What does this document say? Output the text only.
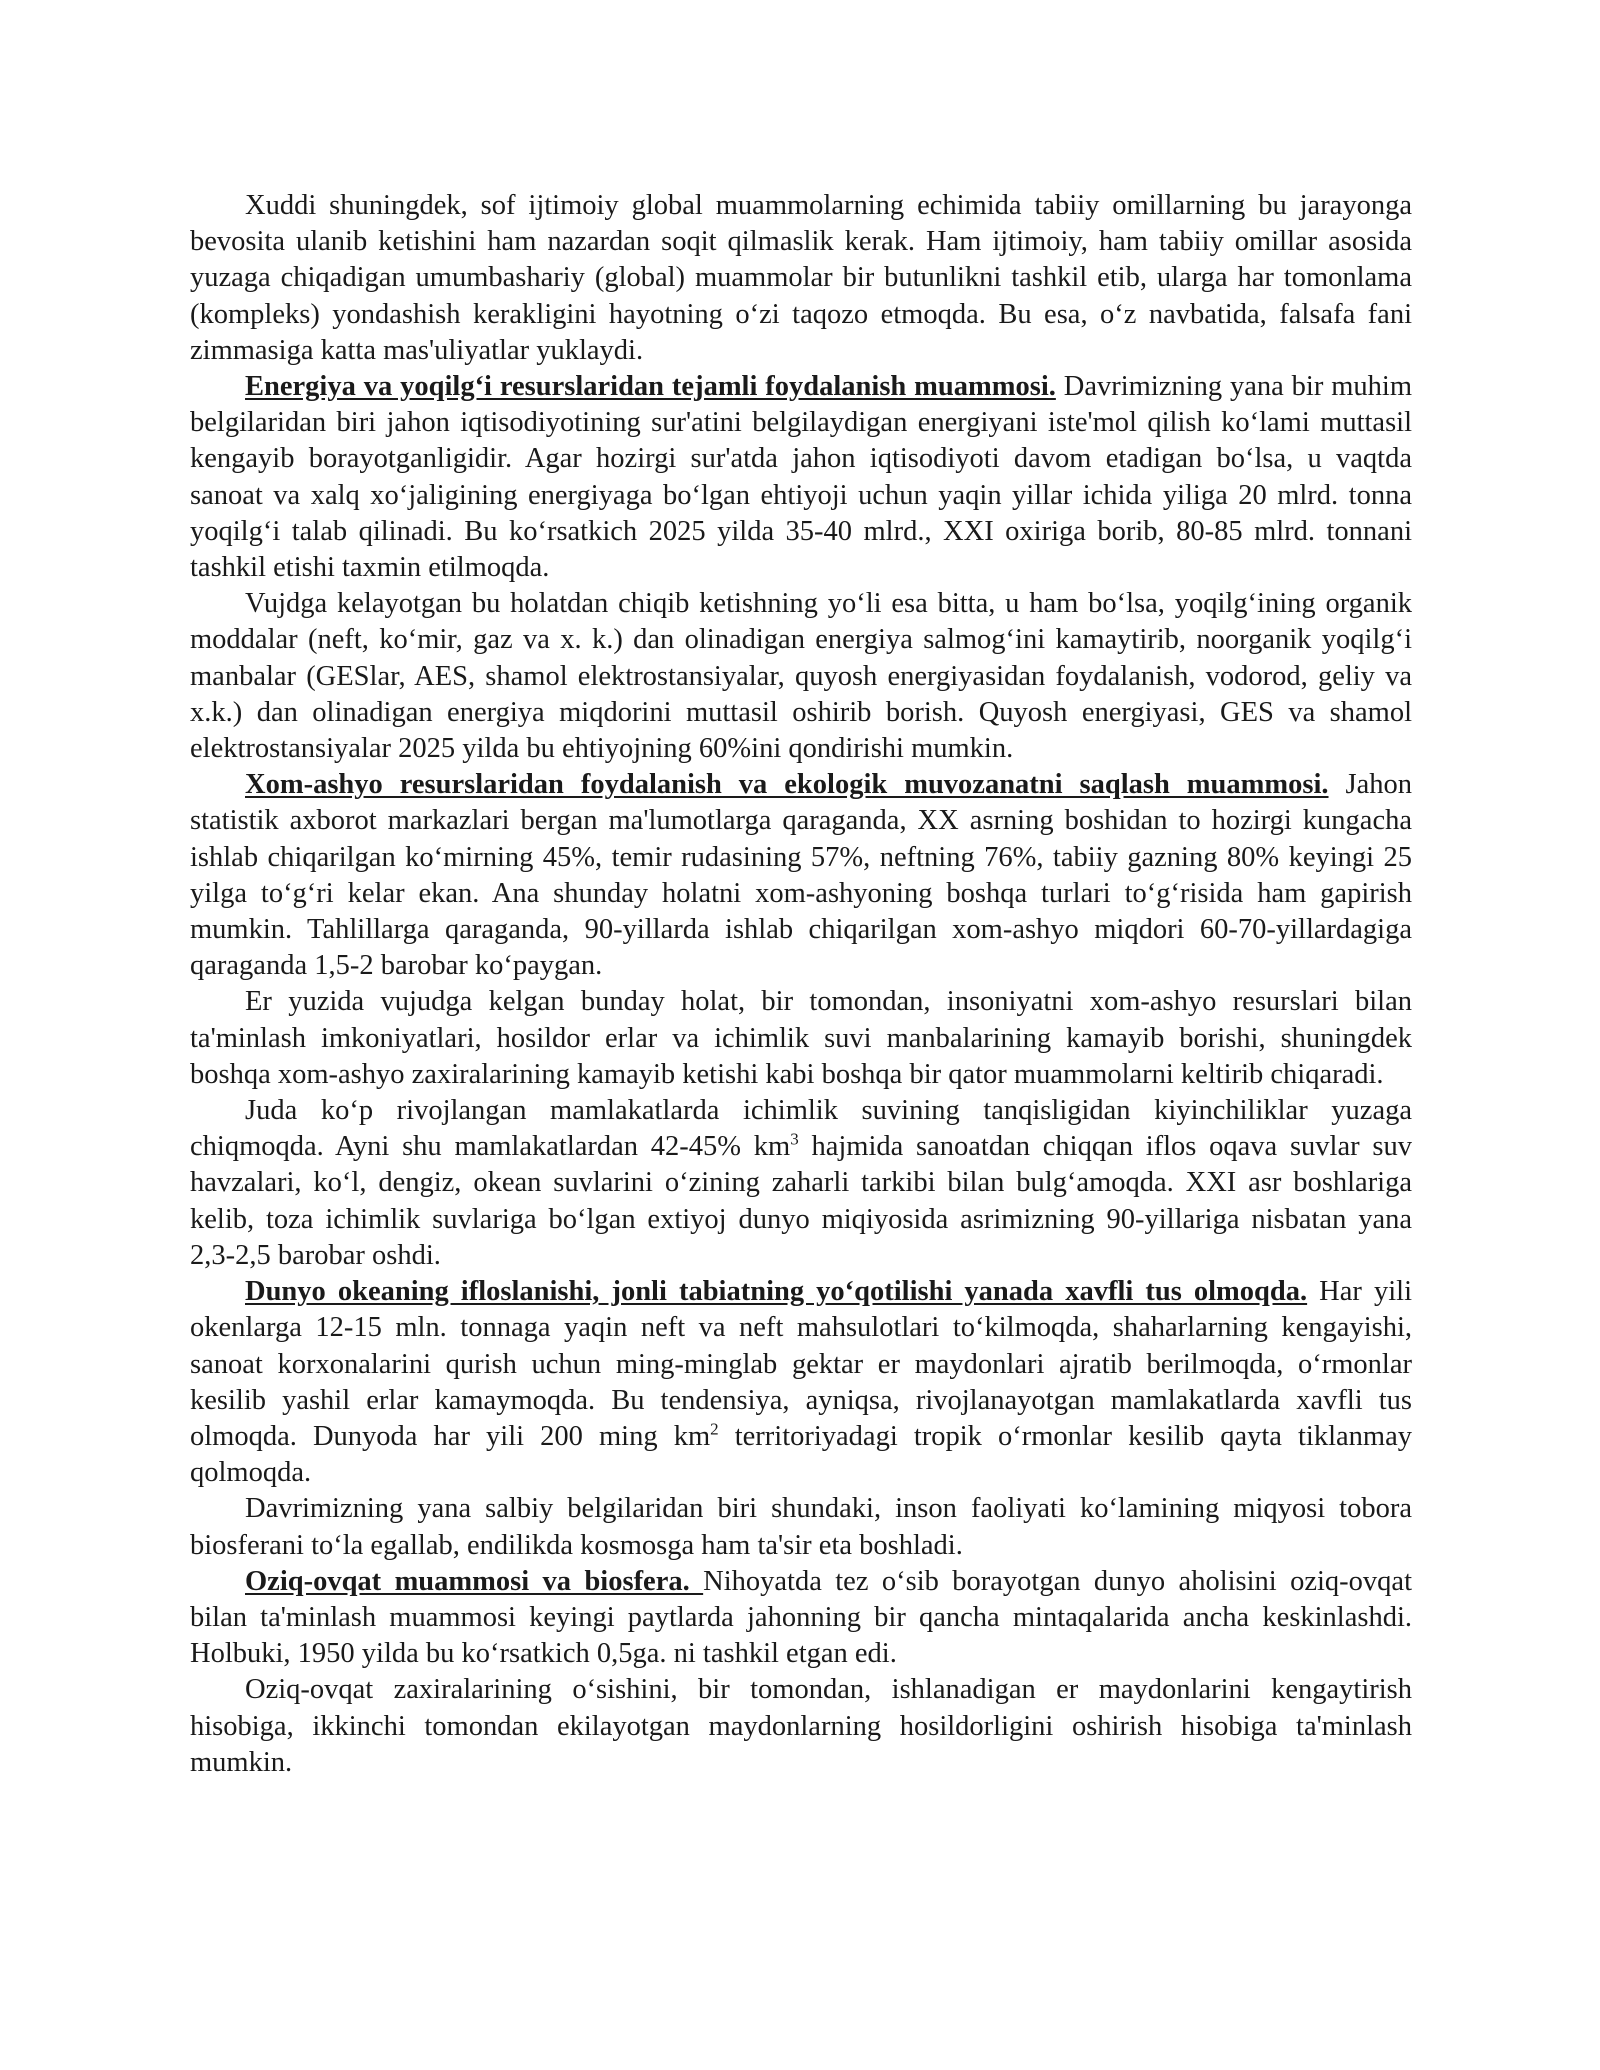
Xuddi shuningdek, sof ijtimoiy global muammolarning echimida tabiiy omillarning bu jarayonga bevosita ulanib ketishini ham nazardan soqit qilmaslik kerak. Ham ijtimoiy, ham tabiiy omillar asosida yuzaga chiqadigan umumbashariy (global) muammolar bir butunlikni tashkil etib, ularga har tomonlama (kompleks) yondashish kerakligini hayotning oʻzi taqozo etmoqda. Bu esa, oʻz navbatida, falsafa fani zimmasiga katta mas'uliyatlar yuklaydi.

Energiya va yoqilgʻi resurslaridan tejamli foydalanish muammosi. Davrimizning yana bir muhim belgilaridan biri jahon iqtisodiyotining sur'atini belgilaydigan energiyani iste'mol qilish koʻlami muttasil kengayib borayotganligidir. Agar hozirgi sur'atda jahon iqtisodiyoti davom etadigan boʻlsa, u vaqtda sanoat va xalq xoʻjaligining energiyaga boʻlgan ehtiyoji uchun yaqin yillar ichida yiliga 20 mlrd. tonna yoqilgʻi talab qilinadi. Bu koʻrsatkich 2025 yilda 35-40 mlrd., XXI oxiriga borib, 80-85 mlrd. tonnani tashkil etishi taxmin etilmoqda.

Vujdga kelayotgan bu holatdan chiqib ketishning yoʻli esa bitta, u ham boʻlsa, yoqilgʻining organik moddalar (neft, koʻmir, gaz va x. k.) dan olinadigan energiya salmogʻini kamaytirib, noorganik yoqilgʻi manbalar (GESlar, AES, shamol elektrostansiyalar, quyosh energiyasidan foydalanish, vodorod, geliy va x.k.) dan olinadigan energiya miqdorini muttasil oshirib borish. Quyosh energiyasi, GES va shamol elektrostansiyalar 2025 yilda bu ehtiyojning 60%ini qondirishi mumkin.

Xom-ashyo resurslaridan foydalanish va ekologik muvozanatni saqlash muammosi. Jahon statistik axborot markazlari bergan ma'lumotlarga qaraganda, XX asrning boshidan to hozirgi kungacha ishlab chiqarilgan koʻmirning 45%, temir rudasining 57%, neftning 76%, tabiiy gazning 80% keyingi 25 yilga toʻgʻri kelar ekan. Ana shunday holatni xom-ashyoning boshqa turlari toʻgʻrisida ham gapirish mumkin. Tahlillarga qaraganda, 90-yillarda ishlab chiqarilgan xom-ashyo miqdori 60-70-yillardagiga qaraganda 1,5-2 barobar koʻpaygan.

Er yuzida vujudga kelgan bunday holat, bir tomondan, insoniyatni xom-ashyo resurslari bilan ta'minlash imkoniyatlari, hosildor erlar va ichimlik suvi manbalarining kamayib borishi, shuningdek boshqa xom-ashyo zaxiralarining kamayib ketishi kabi boshqa bir qator muammolarni keltirib chiqaradi.

Juda koʻp rivojlangan mamlakatlarda ichimlik suvining tanqisligidan kiyinchiliklar yuzaga chiqmoqda. Ayni shu mamlakatlardan 42-45% $km^3$ hajmida sanoatdan chiqqan iflos oqava suvlar suv havzalari, koʻl, dengiz, okean suvlarini oʻzining zaharli tarkibi bilan bulgʻamoqda. XXI asr boshlariga kelib, toza ichimlik suvlariga boʻlgan extiyoj dunyo miqiyosida asrimizning 90-yillariga nisbatan yana 2,3-2,5 barobar oshdi.

Dunyo okeaning ifloslanishi, jonli tabiatning yoʻqotilishi yanada xavfli tus olmoqda. Har yili okenlarga 12-15 mln. tonnaga yaqin neft va neft mahsulotlari toʻkilmoqda, shaharlarning kengayishi, sanoat korxonalarini qurish uchun ming-minglab gektar er maydonlari ajratib berilmoqda, oʻrmonlar kesilib yashil erlar kamaymoqda. Bu tendensiya, ayniqsa, rivojlanayotgan mamlakatlarda xavfli tus olmoqda. Dunyoda har yili 200 ming $km^2$ territoriyadagi tropik oʻrmonlar kesilib qayta tiklanmay qolmoqda.

Davrimizning yana salbiy belgilaridan biri shundaki, inson faoliyati koʻlamining miqyosi tobora biosferani toʻla egallab, endilikda kosmosga ham ta'sir eta boshladi.

Oziq-ovqat muammosi va biosfera. Nihoyatda tez oʻsib borayotgan dunyo aholisini oziq-ovqat bilan ta'minlash muammosi keyingi paytlarda jahonning bir qancha mintaqalarida ancha keskinlashdi. Holbuki, 1950 yilda bu koʻrsatkich 0,5ga. ni tashkil etgan edi.

Oziq-ovqat zaxiralarining oʻsishini, bir tomondan, ishlanadigan er maydonlarini kengaytirish hisobiga, ikkinchi tomondan ekilayotgan maydonlarning hosildorligini oshirish hisobiga ta'minlash mumkin.
